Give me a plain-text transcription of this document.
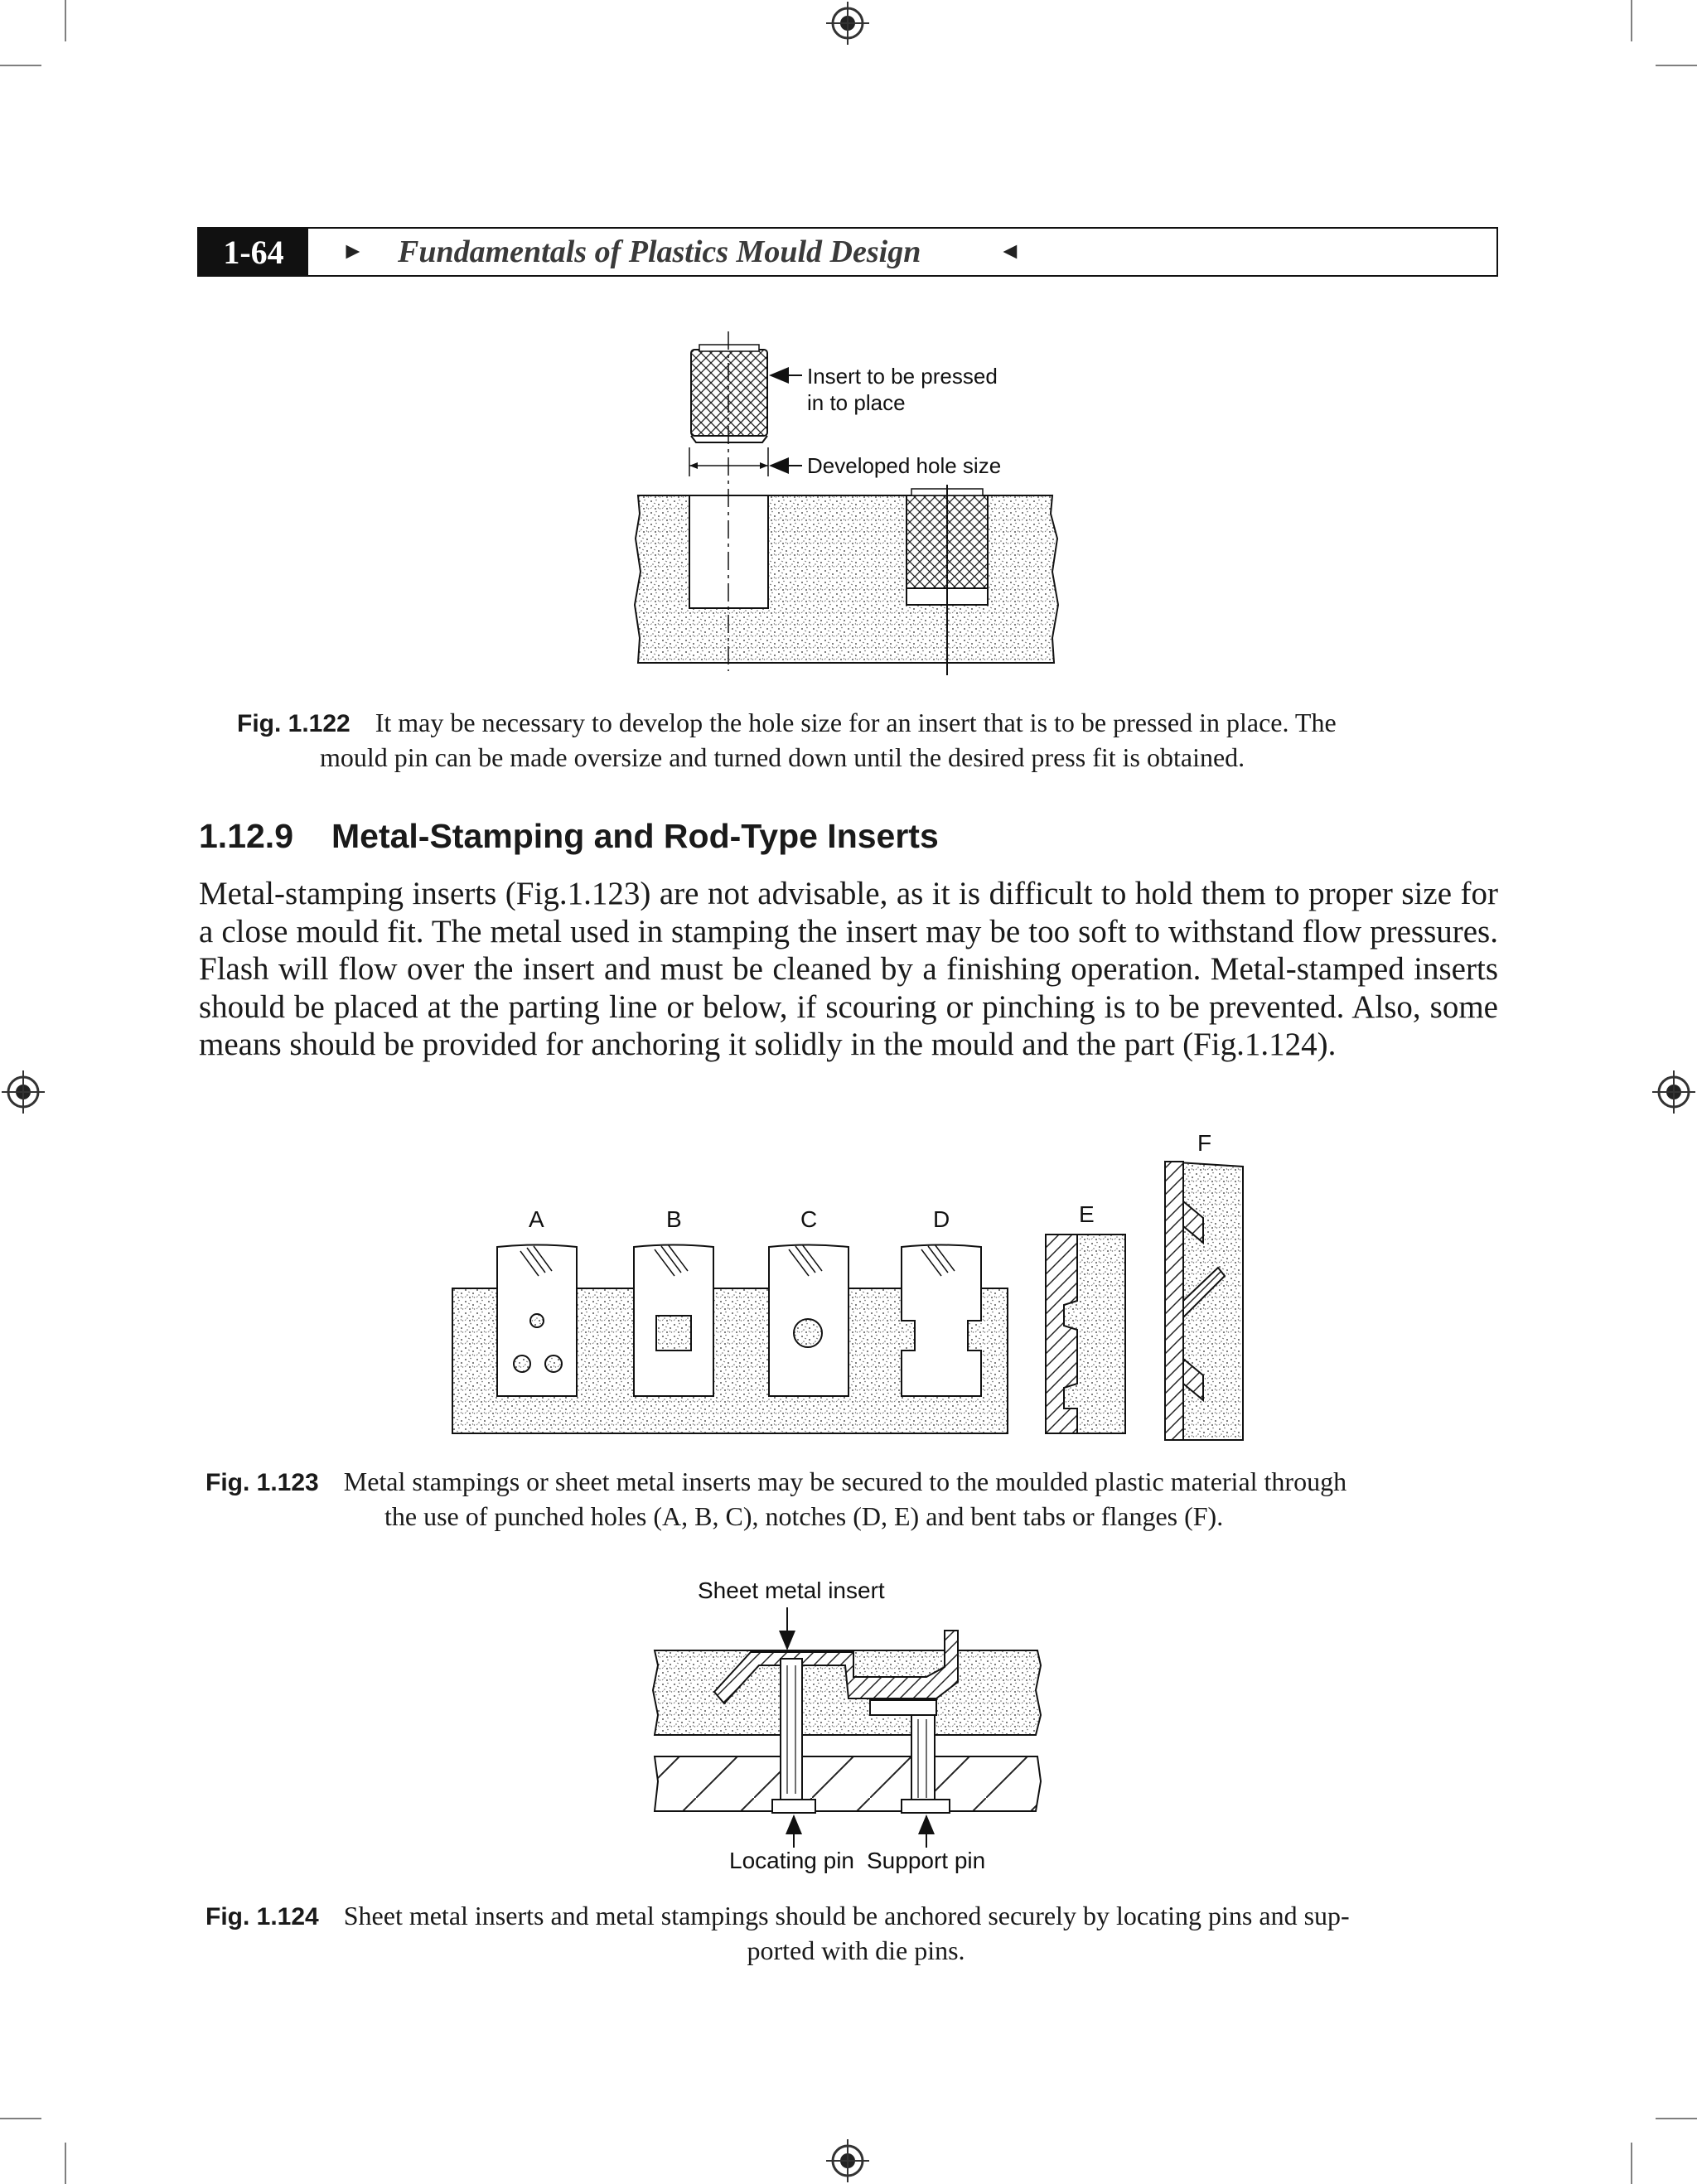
1-64	► Fundamentals of Plastics Mould Design	◄
Insert to be pressed
in to place
Developed hole size
Fig. 1.122 It may be necessary to develop the hole size for an insert that is to be pressed in place. The
mould pin can be made oversize and turned down until the desired press fit is obtained.
1.12.9 Metal-Stamping and Rod-Type Inserts
Metal-stamping inserts (Fig.1.123) are not advisable, as it is difficult to hold them to proper size for a close mould fit. The metal used in stamping the insert may be too soft to withstand flow pressures. Flash will flow over the insert and must be cleaned by a finishing operation. Metal-stamped inserts should be placed at the parting line or below, if scouring or pinching is to be prevented. Also, some means should be provided for anchoring it solidly in the mould and the part (Fig.1.124).
A	B	C	D	E
F
Fig. 1.123 Metal stampings or sheet metal inserts may be secured to the moulded plastic material through
the use of punched holes (A, B, C), notches (D, E) and bent tabs or flanges (F).
Sheet metal insert
Locating pin Support pin
Fig. 1.124 Sheet metal inserts and metal stampings should be anchored securely by locating pins and sup-
ported with die pins.
